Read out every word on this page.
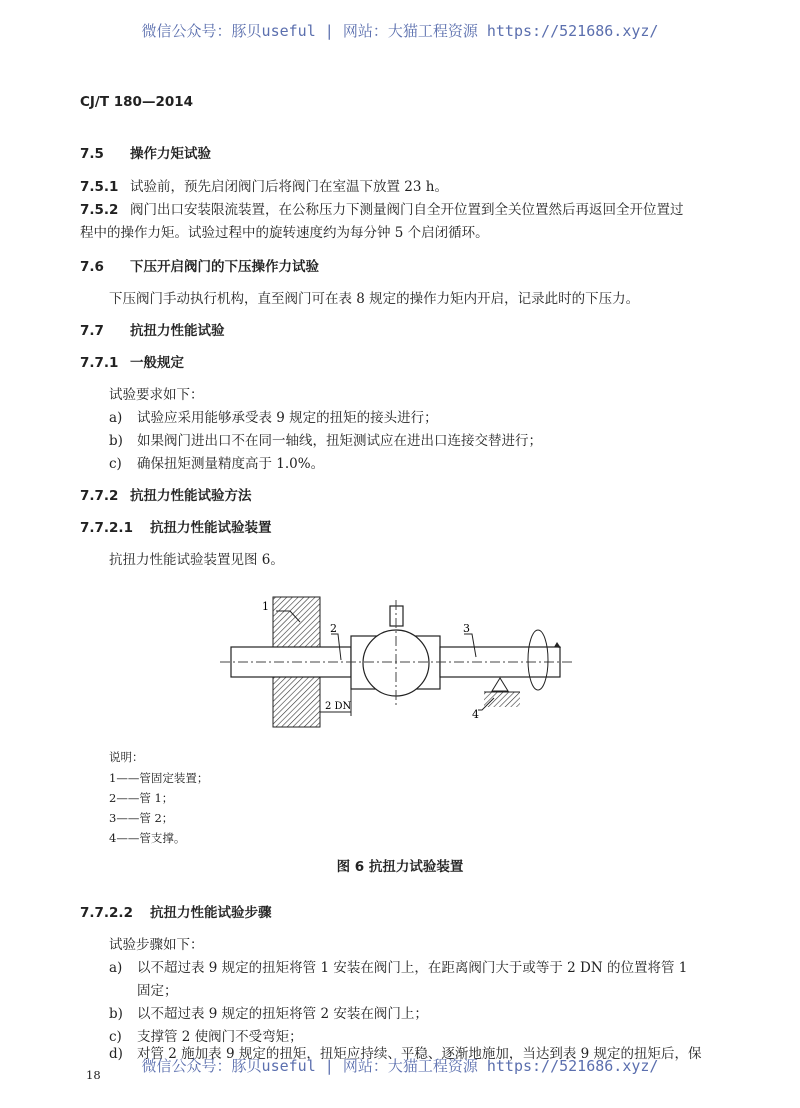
微信公众号：豚贝useful | 网站：大猫工程资源 https://521686.xyz/
CJ/T 180—2014
7.5 操作力矩试验
7.5.1 试验前，预先启闭阀门后将阀门在室温下放置 23 h。
7.5.2 阀门出口安装限流装置，在公称压力下测量阀门自全开位置到全关位置然后再返回全开位置过
程中的操作力矩。试验过程中的旋转速度约为每分钟 5 个启闭循环。
7.6 下压开启阀门的下压操作力试验
下压阀门手动执行机构，直至阀门可在表 8 规定的操作力矩内开启，记录此时的下压力。
7.7 抗扭力性能试验
7.7.1 一般规定
试验要求如下：
a) 试验应采用能够承受表 9 规定的扭矩的接头进行；
b) 如果阀门进出口不在同一轴线，扭矩测试应在进出口连接交替进行；
c) 确保扭矩测量精度高于 1.0%。
7.7.2 抗扭力性能试验方法
7.7.2.1 抗扭力性能试验装置
抗扭力性能试验装置见图 6。
1
2	3
4
2 DN
说明：
1——管固定装置；
2——管 1；
3——管 2；
4——管支撑。
图 6 抗扭力试验装置
7.7.2.2 抗扭力性能试验步骤
试验步骤如下：
a) 以不超过表 9 规定的扭矩将管 1 安装在阀门上，在距离阀门大于或等于 2 DN 的位置将管 1
固定；
b) 以不超过表 9 规定的扭矩将管 2 安装在阀门上；
c) 支撑管 2 使阀门不受弯矩；
d) 对管 2 施加表 9 规定的扭矩，扭矩应持续、平稳、逐渐地施加，当达到表 9 规定的扭矩后，保
18	微信公众号：豚贝useful | 网站：大猫工程资源 https://521686.xyz/
